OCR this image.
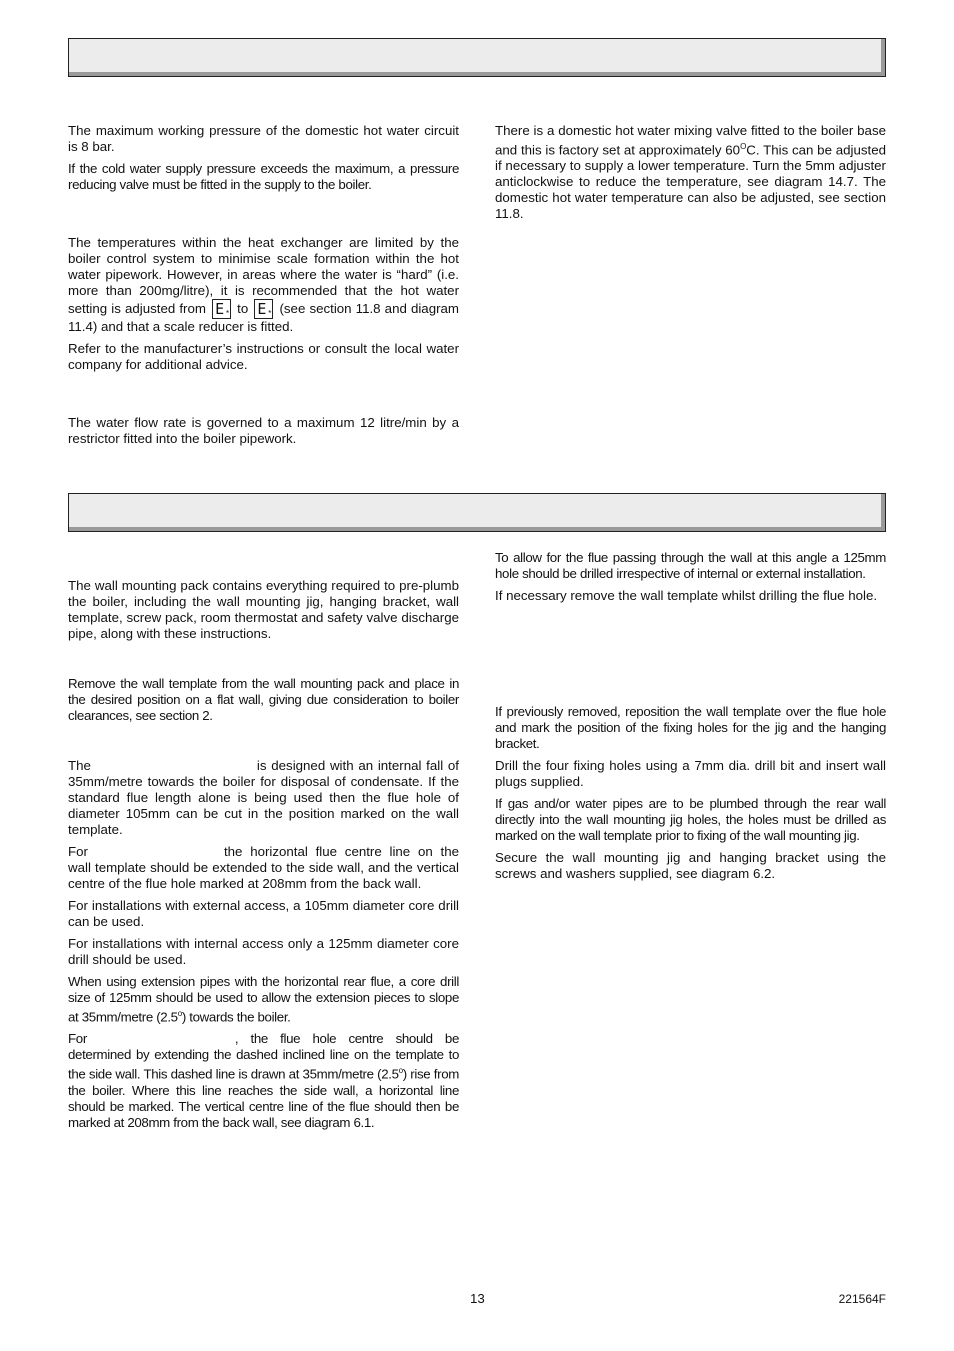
The maximum working pressure of the domestic hot water circuit is 8 bar.

If the cold water supply pressure exceeds the maximum, a pressure reducing valve must be fitted in the supply to the boiler.

The temperatures within the heat exchanger are limited by the boiler control system to minimise scale formation within the hot water pipework. However, in areas where the water is “hard” (i.e. more than 200mg/litre), it is recommended that the hot water setting is adjusted from E * to E * (see section 11.8 and diagram 11.4) and that a scale reducer is fitted.

Refer to the manufacturer’s instructions or consult the local water company for additional advice.

The water flow rate is governed to a maximum 12 litre/min by a restrictor fitted into the boiler pipework.

There is a domestic hot water mixing valve fitted to the boiler base and this is factory set at approximately $60^OC$. This can be adjusted if necessary to supply a lower temperature. Turn the 5mm adjuster anticlockwise to reduce the temperature, see diagram 14.7. The domestic hot water temperature can also be adjusted, see section 11.8.

The wall mounting pack contains everything required to pre-plumb the boiler, including the wall mounting jig, hanging bracket, wall template, screw pack, room thermostat and safety valve discharge pipe, along with these instructions.

Remove the wall template from the wall mounting pack and place in the desired position on a flat wall, giving due consideration to boiler clearances, see section 2.

The	is designed with an internal fall of 35mm/metre towards the boiler for disposal of condensate. If the standard flue length alone is being used then the flue hole of diameter 105mm can be cut in the position marked on the wall template.

For	the horizontal flue centre line on the wall template should be extended to the side wall, and the vertical centre of the flue hole marked at 208mm from the back wall.

For installations with external access, a 105mm diameter core drill can be used.

For installations with internal access only a 125mm diameter core drill should be used.

When using extension pipes with the horizontal rear flue, a core drill size of 125mm should be used to allow the extension pieces to slope at 35mm/metre (2.5$^o$) towards the boiler.

For	, the flue hole centre should be determined by extending the dashed inclined line on the template to the side wall. This dashed line is drawn at 35mm/metre (2.5$^o$) rise from the boiler. Where this line reaches the side wall, a horizontal line should be marked. The vertical centre line of the flue should then be marked at 208mm from the back wall, see diagram 6.1.

To allow for the flue passing through the wall at this angle a 125mm hole should be drilled irrespective of internal or external installation.

If necessary remove the wall template whilst drilling the flue hole.

If previously removed, reposition the wall template over the flue hole and mark the position of the fixing holes for the jig and the hanging bracket.

Drill the four fixing holes using a 7mm dia. drill bit and insert wall plugs supplied.

If gas and/or water pipes are to be plumbed through the rear wall directly into the wall mounting jig holes, the holes must be drilled as marked on the wall template prior to fixing of the wall mounting jig.

Secure the wall mounting jig and hanging bracket using the screws and washers supplied, see diagram 6.2.

13	221564F
